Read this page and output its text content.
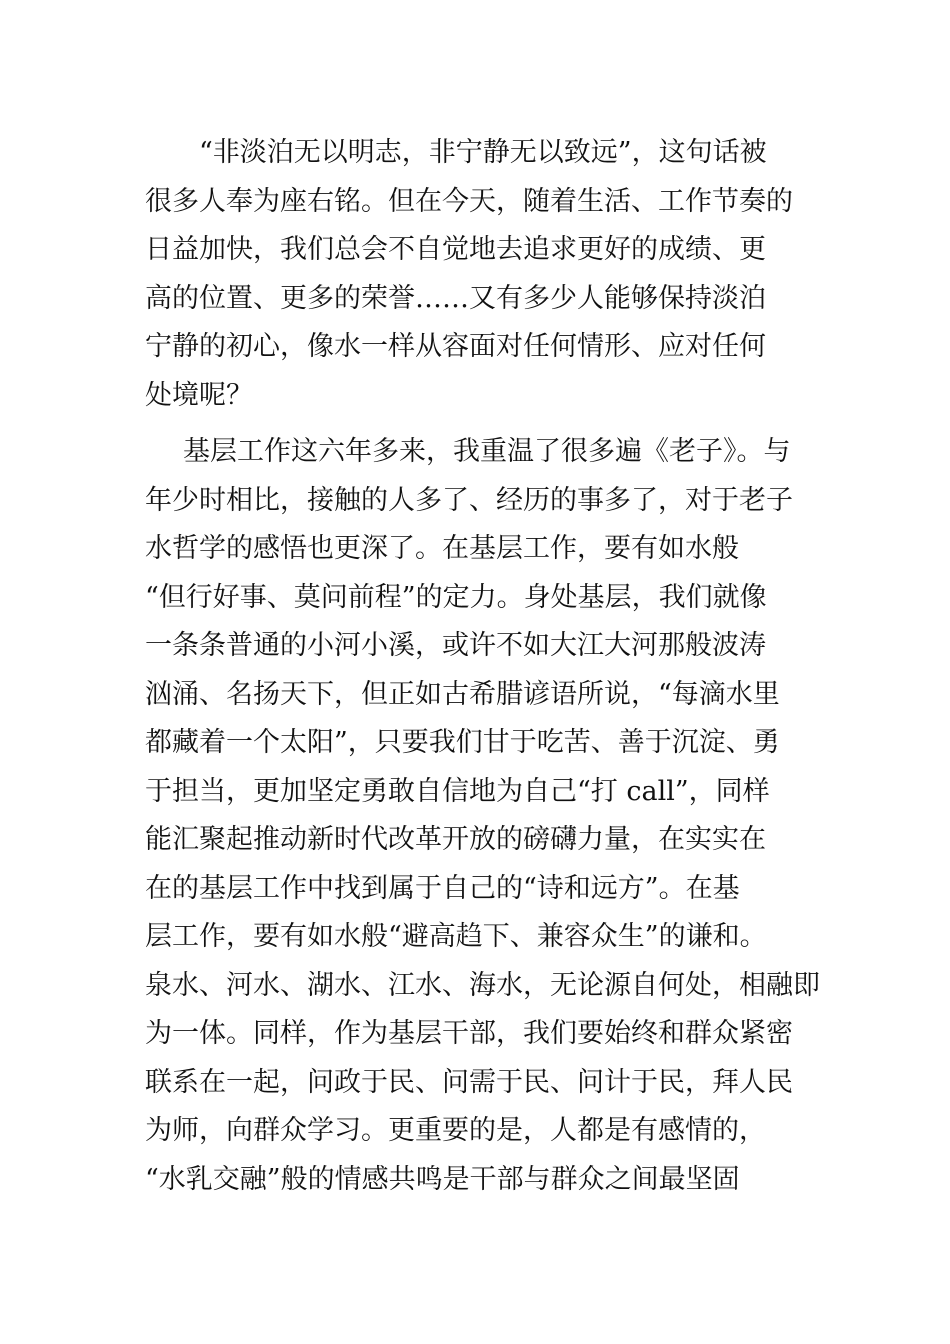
“非淡泊无以明志，非宁静无以致远”，这句话被
很多人奉为座右铭。但在今天，随着生活、工作节奏的
日益加快，我们总会不自觉地去追求更好的成绩、更
高的位置、更多的荣誉……又有多少人能够保持淡泊
宁静的初心，像水一样从容面对任何情形、应对任何
处境呢？
基层工作这六年多来，我重温了很多遍《老子》。与
年少时相比，接触的人多了、经历的事多了，对于老子
水哲学的感悟也更深了。在基层工作，要有如水般
“但行好事、莫问前程”的定力。身处基层，我们就像
一条条普通的小河小溪，或许不如大江大河那般波涛
汹涌、名扬天下，但正如古希腊谚语所说，“每滴水里
都藏着一个太阳”，只要我们甘于吃苦、善于沉淀、勇
于担当，更加坚定勇敢自信地为自己“打 call”，同样
能汇聚起推动新时代改革开放的磅礴力量，在实实在
在的基层工作中找到属于自己的“诗和远方”。在基
层工作，要有如水般“避高趋下、兼容众生”的谦和。
泉水、河水、湖水、江水、海水，无论源自何处，相融即
为一体。同样，作为基层干部，我们要始终和群众紧密
联系在一起，问政于民、问需于民、问计于民，拜人民
为师，向群众学习。更重要的是，人都是有感情的，
“水乳交融”般的情感共鸣是干部与群众之间最坚固
